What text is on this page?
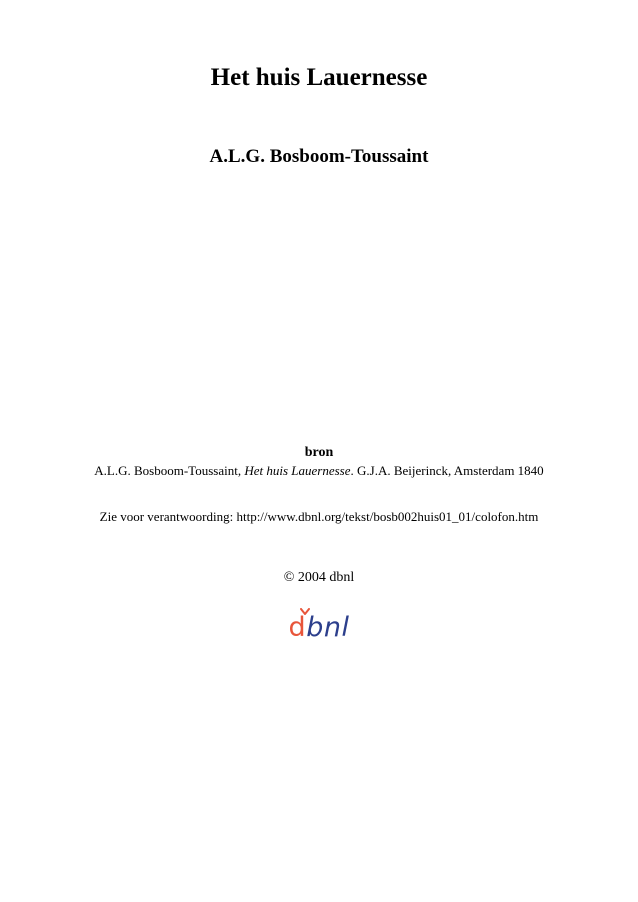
Het huis Lauernesse
A.L.G. Bosboom-Toussaint
bron
A.L.G. Bosboom-Toussaint, Het huis Lauernesse. G.J.A. Beijerinck, Amsterdam 1840
Zie voor verantwoording: http://www.dbnl.org/tekst/bosb002huis01_01/colofon.htm
© 2004 dbnl
dbnl
